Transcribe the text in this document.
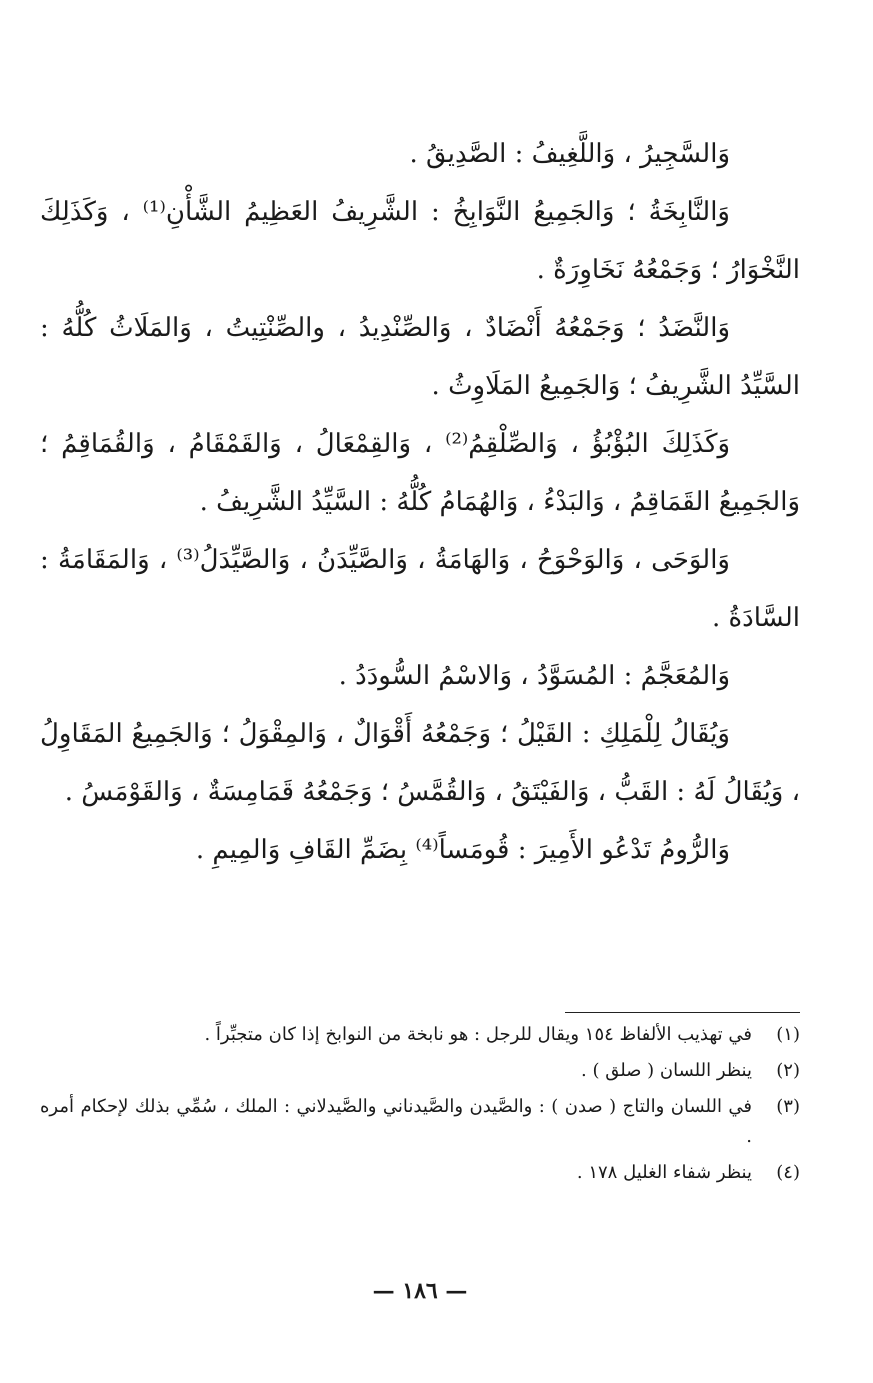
وَالسَّجِيرُ ، وَاللَّغِيفُ : الصَّدِيقُ .

وَالنَّابِخَةُ ؛ وَالجَمِيعُ النَّوَابِخُ : الشَّرِيفُ العَظِيمُ الشَّأْنِ⁽¹⁾ ، وَكَذَلِكَ النَّخْوَارُ ؛ وَجَمْعُهُ نَخَاوِرَةٌ .

وَالنَّضَدُ ؛ وَجَمْعُهُ أَنْضَادٌ ، وَالصِّنْدِيدُ ، والصِّنْتِيتُ ، وَالمَلَاثُ كُلُّهُ : السَّيِّدُ الشَّرِيفُ ؛ وَالجَمِيعُ المَلَاوِثُ .

وَكَذَلِكَ البُؤْبُؤُ ، وَالصِّلْقِمُ⁽²⁾ ، وَالقِمْعَالُ ، وَالقَمْقَامُ ، وَالقُمَاقِمُ ؛ وَالجَمِيعُ القَمَاقِمُ ، وَالبَدْءُ ، وَالهُمَامُ كُلُّهُ : السَّيِّدُ الشَّرِيفُ .

وَالوَحَى ، وَالوَحْوَحُ ، وَالهَامَةُ ، وَالصَّيِّدَنُ ، وَالصَّيِّدَلُ⁽³⁾ ، وَالمَقَامَةُ : السَّادَةُ .

وَالمُعَجَّمُ : المُسَوَّدُ ، وَالاسْمُ السُّودَدُ .

وَيُقَالُ لِلْمَلِكِ : القَيْلُ ؛ وَجَمْعُهُ أَقْوَالٌ ، وَالمِقْوَلُ ؛ وَالجَمِيعُ المَقَاوِلُ ، وَيُقَالُ لَهُ : القَبُّ ، وَالفَيْتَقُ ، وَالقُمَّسُ ؛ وَجَمْعُهُ قَمَامِسَةٌ ، وَالقَوْمَسُ .

وَالرُّومُ تَدْعُو الأَمِيرَ : قُومَساً⁽⁴⁾ بِضَمِّ القَافِ وَالمِيمِ .

(١)
في تهذيب الألفاظ ١٥٤ ويقال للرجل : هو نابخة من النوابخ إذا كان متجبِّراً .
(٢)
ينظر اللسان ( صلق ) .
(٣)
في اللسان والتاج ( صدن ) : والصَّيدن والصَّيدناني والصَّيدلاني : الملك ، سُمِّي بذلك لإحكام أمره .
(٤)
ينظر شفاء الغليل ١٧٨ .
— ١٨٦ —
